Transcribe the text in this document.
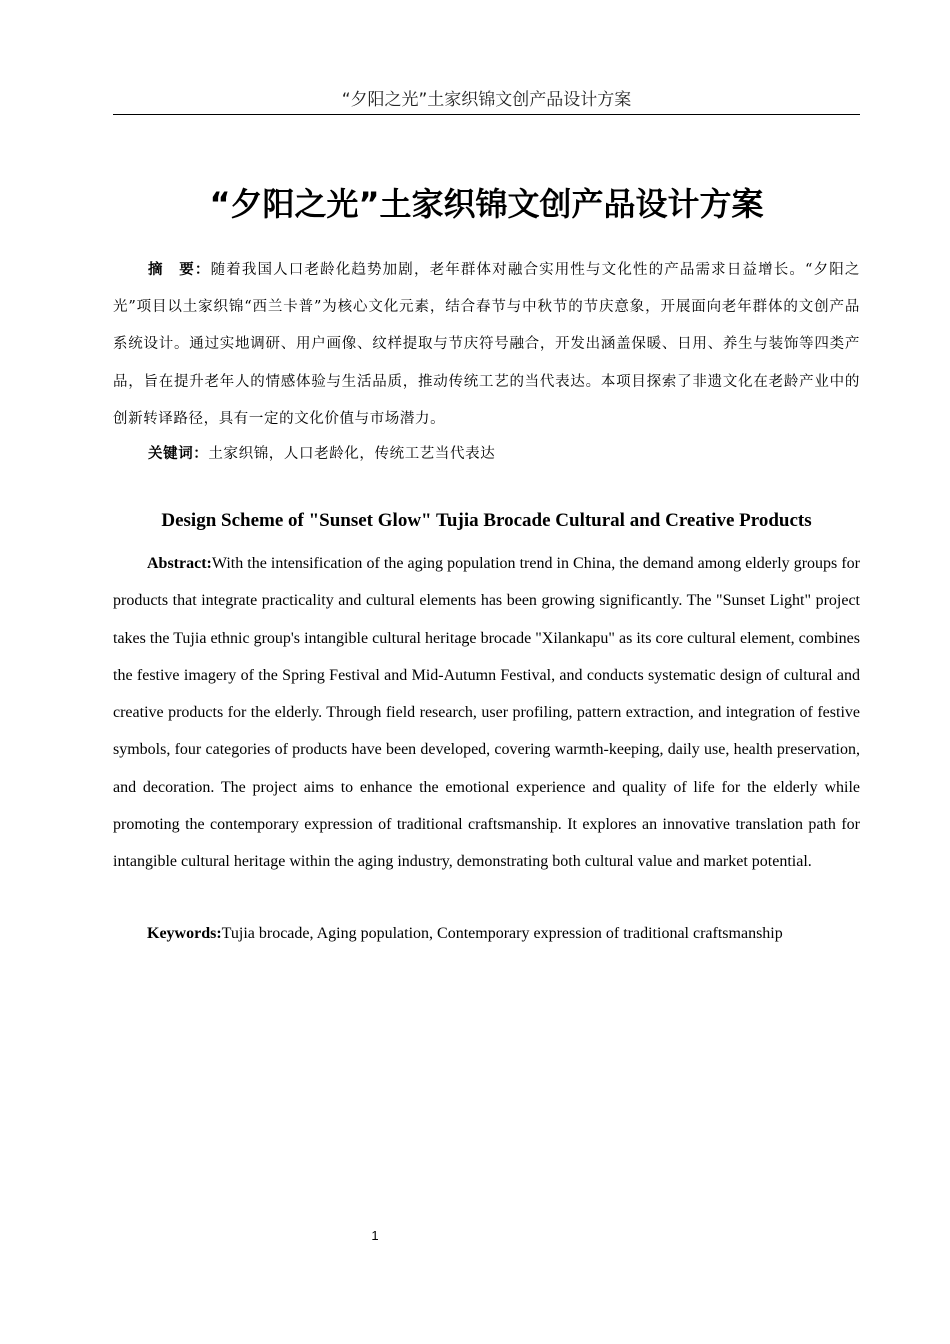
“夕阳之光”土家织锦文创产品设计方案
“夕阳之光”土家织锦文创产品设计方案

摘　要：随着我国人口老龄化趋势加剧，老年群体对融合实用性与文化性的产品需求日益增长。“夕阳之光”项目以土家织锦“西兰卡普”为核心文化元素，结合春节与中秋节的节庆意象，开展面向老年群体的文创产品系统设计。通过实地调研、用户画像、纹样提取与节庆符号融合，开发出涵盖保暖、日用、养生与装饰等四类产品，旨在提升老年人的情感体验与生活品质，推动传统工艺的当代表达。本项目探索了非遗文化在老龄产业中的创新转译路径，具有一定的文化价值与市场潜力。

关键词：土家织锦，人口老龄化，传统工艺当代表达

Design Scheme of "Sunset Glow" Tujia Brocade Cultural and Creative Products

Abstract:With the intensification of the aging population trend in China, the demand among elderly groups for products that integrate practicality and cultural elements has been growing significantly. The "Sunset Light" project takes the Tujia ethnic group's intangible cultural heritage brocade "Xilankapu" as its core cultural element, combines the festive imagery of the Spring Festival and Mid-Autumn Festival, and conducts systematic design of cultural and creative products for the elderly. Through field research, user profiling, pattern extraction, and integration of festive symbols, four categories of products have been developed, covering warmth-keeping, daily use, health preservation, and decoration. The project aims to enhance the emotional experience and quality of life for the elderly while promoting the contemporary expression of traditional craftsmanship. It explores an innovative translation path for intangible cultural heritage within the aging industry, demonstrating both cultural value and market potential.

Keywords:Tujia brocade, Aging population, Contemporary expression of traditional craftsmanship

1
